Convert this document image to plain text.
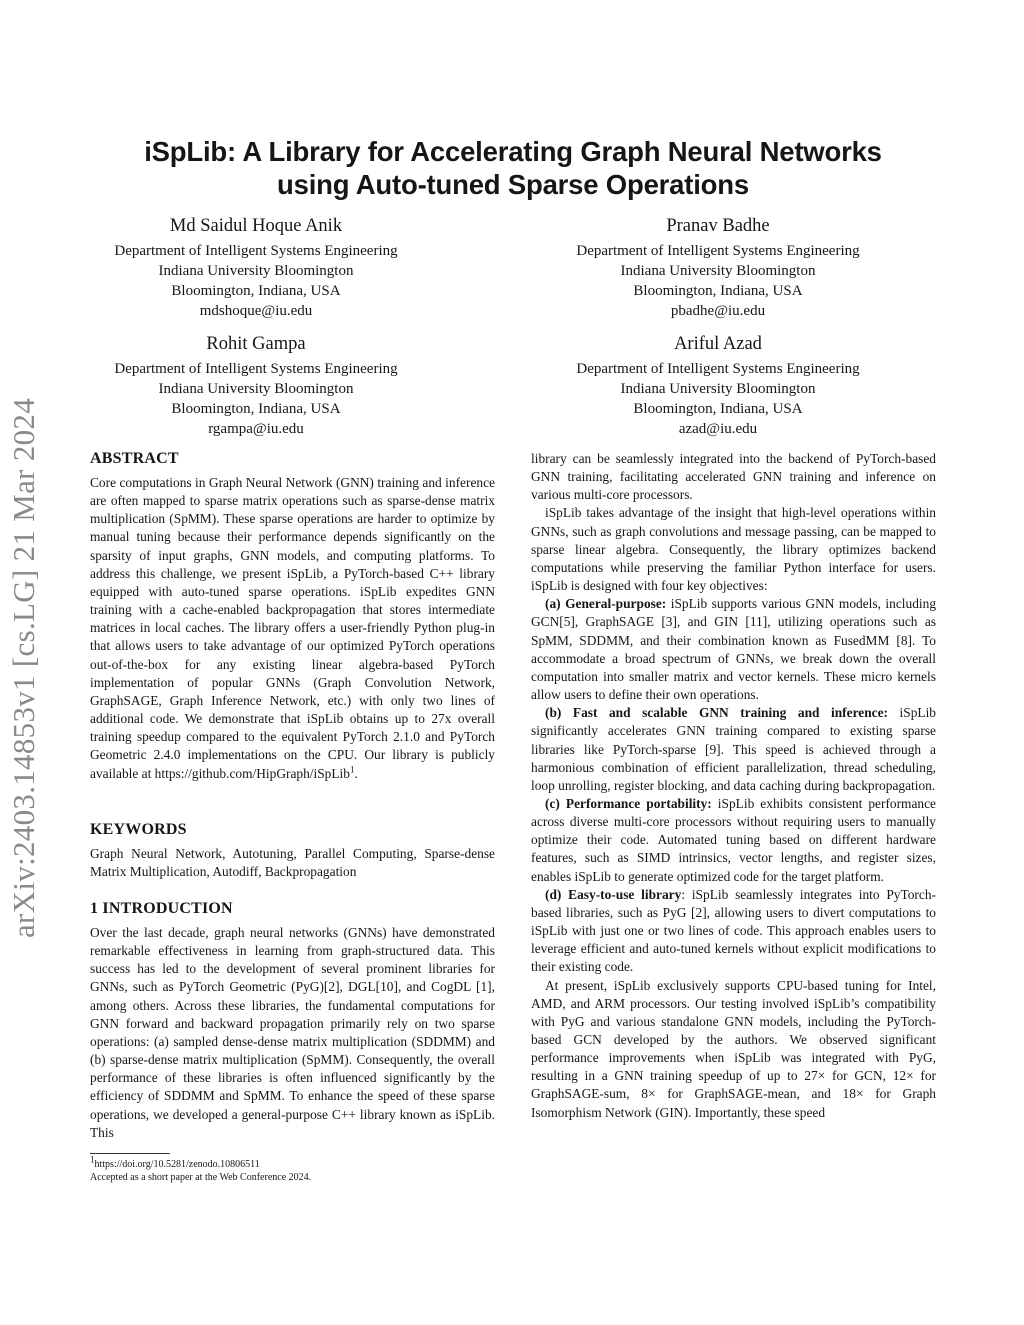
arXiv:2403.14853v1 [cs.LG] 21 Mar 2024
iSpLib: A Library for Accelerating Graph Neural Networks
using Auto-tuned Sparse Operations
Md Saidul Hoque Anik
Department of Intelligent Systems Engineering
Indiana University Bloomington
Bloomington, Indiana, USA
mdshoque@iu.edu
Pranav Badhe
Department of Intelligent Systems Engineering
Indiana University Bloomington
Bloomington, Indiana, USA
pbadhe@iu.edu
Rohit Gampa
Department of Intelligent Systems Engineering
Indiana University Bloomington
Bloomington, Indiana, USA
rgampa@iu.edu
Ariful Azad
Department of Intelligent Systems Engineering
Indiana University Bloomington
Bloomington, Indiana, USA
azad@iu.edu
ABSTRACT

Core computations in Graph Neural Network (GNN) training and inference are often mapped to sparse matrix operations such as sparse-dense matrix multiplication (SpMM). These sparse operations are harder to optimize by manual tuning because their performance depends significantly on the sparsity of input graphs, GNN models, and computing platforms. To address this challenge, we present iSpLib, a PyTorch-based C++ library equipped with auto-tuned sparse operations. iSpLib expedites GNN training with a cache-enabled backpropagation that stores intermediate matrices in local caches. The library offers a user-friendly Python plug-in that allows users to take advantage of our optimized PyTorch operations out-of-the-box for any existing linear algebra-based PyTorch implementation of popular GNNs (Graph Convolution Network, GraphSAGE, Graph Inference Network, etc.) with only two lines of additional code. We demonstrate that iSpLib obtains up to 27x overall training speedup compared to the equivalent PyTorch 2.1.0 and PyTorch Geometric 2.4.0 implementations on the CPU. Our library is publicly available at https://github.com/HipGraph/iSpLib$^1$.

KEYWORDS

Graph Neural Network, Autotuning, Parallel Computing, Sparse-dense Matrix Multiplication, Autodiff, Backpropagation

1 INTRODUCTION

Over the last decade, graph neural networks (GNNs) have demonstrated remarkable effectiveness in learning from graph-structured data. This success has led to the development of several prominent libraries for GNNs, such as PyTorch Geometric (PyG)[2], DGL[10], and CogDL [1], among others. Across these libraries, the fundamental computations for GNN forward and backward propagation primarily rely on two sparse operations: (a) sampled dense-dense matrix multiplication (SDDMM) and (b) sparse-dense matrix multiplication (SpMM). Consequently, the overall performance of these libraries is often influenced significantly by the efficiency of SDDMM and SpMM. To enhance the speed of these sparse operations, we developed a general-purpose C++ library known as iSpLib. This

$^1$https://doi.org/10.5281/zenodo.10806511
Accepted as a short paper at the Web Conference 2024.

library can be seamlessly integrated into the backend of PyTorch-based GNN training, facilitating accelerated GNN training and inference on various multi-core processors.

iSpLib takes advantage of the insight that high-level operations within GNNs, such as graph convolutions and message passing, can be mapped to sparse linear algebra. Consequently, the library optimizes backend computations while preserving the familiar Python interface for users. iSpLib is designed with four key objectives:

(a) General-purpose: iSpLib supports various GNN models, including GCN[5], GraphSAGE [3], and GIN [11], utilizing operations such as SpMM, SDDMM, and their combination known as FusedMM [8]. To accommodate a broad spectrum of GNNs, we break down the overall computation into smaller matrix and vector kernels. These micro kernels allow users to define their own operations.

(b) Fast and scalable GNN training and inference: iSpLib significantly accelerates GNN training compared to existing sparse libraries like PyTorch-sparse [9]. This speed is achieved through a harmonious combination of efficient parallelization, thread scheduling, loop unrolling, register blocking, and data caching during backpropagation.

(c) Performance portability: iSpLib exhibits consistent performance across diverse multi-core processors without requiring users to manually optimize their code. Automated tuning based on different hardware features, such as SIMD intrinsics, vector lengths, and register sizes, enables iSpLib to generate optimized code for the target platform.

(d) Easy-to-use library: iSpLib seamlessly integrates into PyTorch-based libraries, such as PyG [2], allowing users to divert computations to iSpLib with just one or two lines of code. This approach enables users to leverage efficient and auto-tuned kernels without explicit modifications to their existing code.

At present, iSpLib exclusively supports CPU-based tuning for Intel, AMD, and ARM processors. Our testing involved iSpLib’s compatibility with PyG and various standalone GNN models, including the PyTorch-based GCN developed by the authors. We observed significant performance improvements when iSpLib was integrated with PyG, resulting in a GNN training speedup of up to 27× for GCN, 12× for GraphSAGE-sum, 8× for GraphSAGE-mean, and 18× for Graph Isomorphism Network (GIN). Importantly, these speed
